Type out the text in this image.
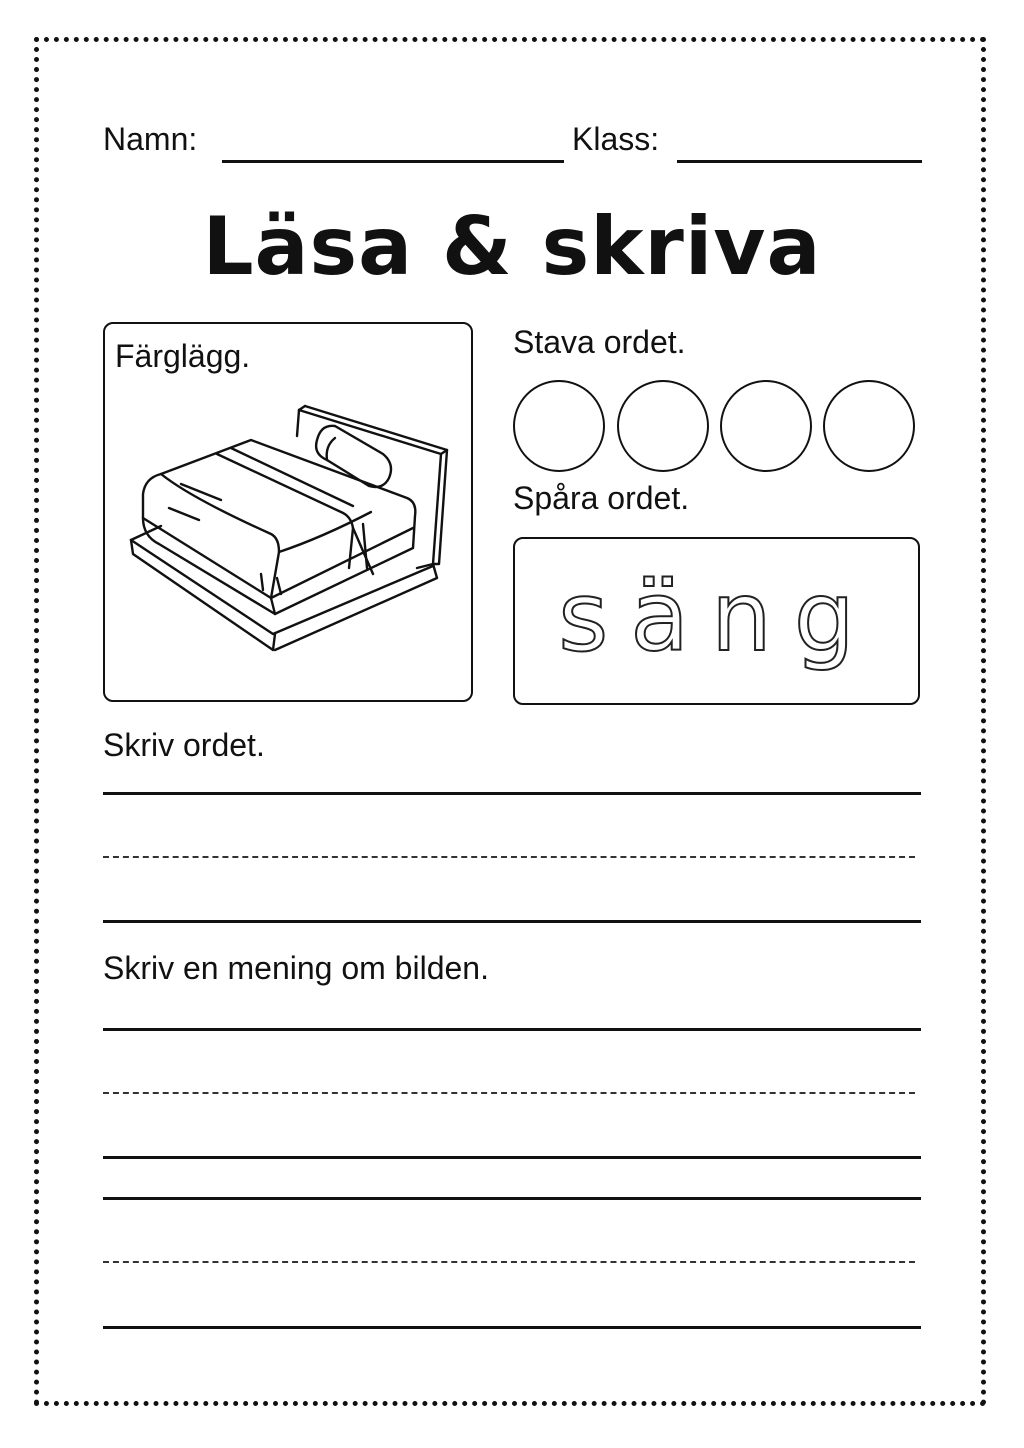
Namn:	Klass:
Läsa & skriva
Färglägg.	Stava ordet.
Spåra ordet.
säng
Skriv ordet.
Skriv en mening om bilden.
